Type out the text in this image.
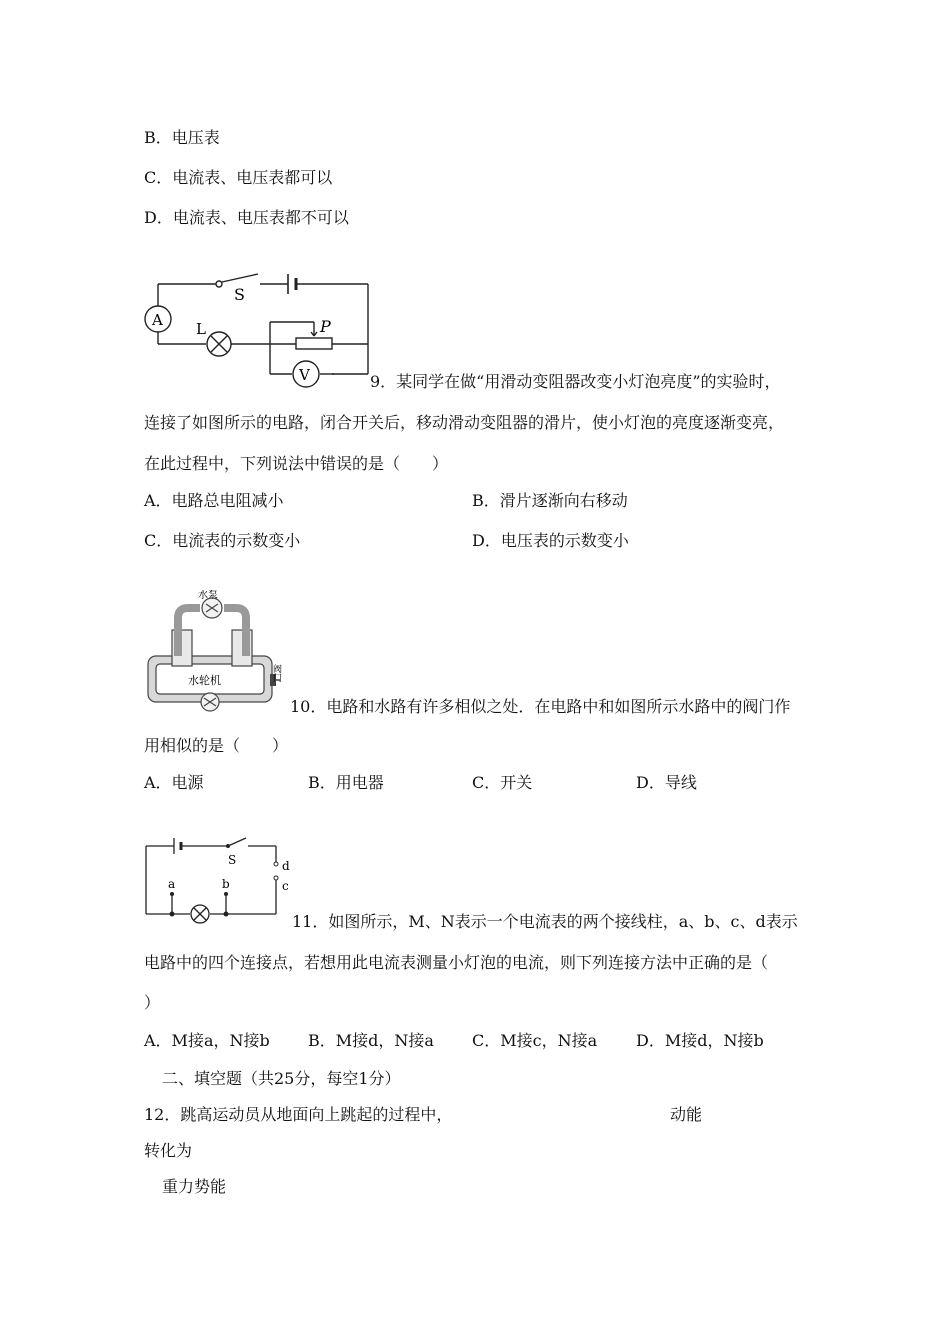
B．电压表
C．电流表、电压表都可以
D．电流表、电压表都不可以
A
S
L	P
V	9．某同学在做“用滑动变阻器改变小灯泡亮度”的实验时，
连接了如图所示的电路，闭合开关后，移动滑动变阻器的滑片，使小灯泡的亮度逐渐变亮，
在此过程中，下列说法中错误的是（　　）
A．电路总电阻减小	B．滑片逐渐向右移动
C．电流表的示数变小	D．电压表的示数变小
水泵
水轮机	阀门
10．电路和水路有许多相似之处．在电路中和如图所示水路中的阀门作
用相似的是（　　）
A．电源	B．用电器	C．开关	D．导线
S
a	b	c
d
11．如图所示，M、N表示一个电流表的两个接线柱，a、b、c、d表示
电路中的四个连接点，若想用此电流表测量小灯泡的电流，则下列连接方法中正确的是（
）
A．M接a，N接b B．M接d，N接a C．M接c，N接a D．M接d，N接b
二、填空题（共25分，每空1分）
12．跳高运动员从地面向上跳起的过程中，	动能
转化为
重力势能
